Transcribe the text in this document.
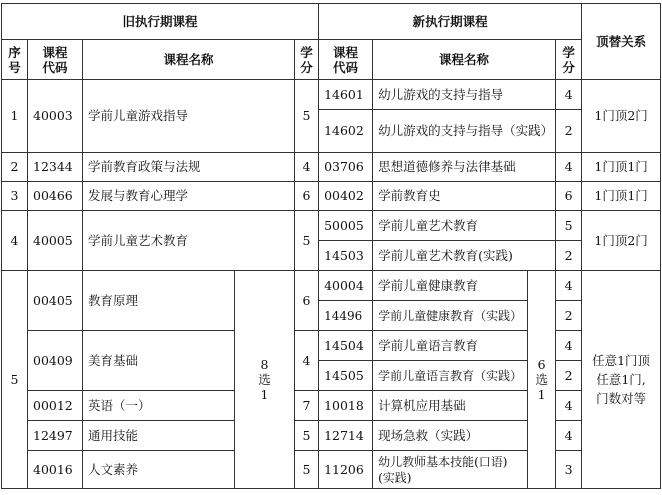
旧执行期课程					新执行期课程				顶替关系

序号	课程代码	课程名称		学分	课程代码	课程名称		学分	

1	40003	学前儿童游戏指导		5	14601	幼儿游戏的支持与指导		4	1门顶2门
					14602	幼儿游戏的支持与指导（实践）		2	
2	12344	学前教育政策与法规		4	03706	思想道德修养与法律基础		4	1门顶1门
3	00466	发展与教育心理学		6	00402	学前教育史		6	1门顶1门
4	40005	学前儿童艺术教育		5	50005	学前儿童艺术教育		5	1门顶2门
					14503	学前儿童艺术教育(实践)		2	
5	00405	教育原理	8选1	6	40004	学前儿童健康教育	6选1	4	任意1门顶任意1门,门数对等

					14496	学前儿童健康教育（实践）		2	
	00409	美育基础		4	14504	学前儿童语言教育		4	
					14505	学前儿童语言教育（实践）		2	
	00012	英语（一）		7	10018	计算机应用基础		4	
	12497	通用技能		5	12714	现场急救（实践）		4	
	40016	人文素养		5	11206	幼儿教师基本技能(口语)(实践)		3	
